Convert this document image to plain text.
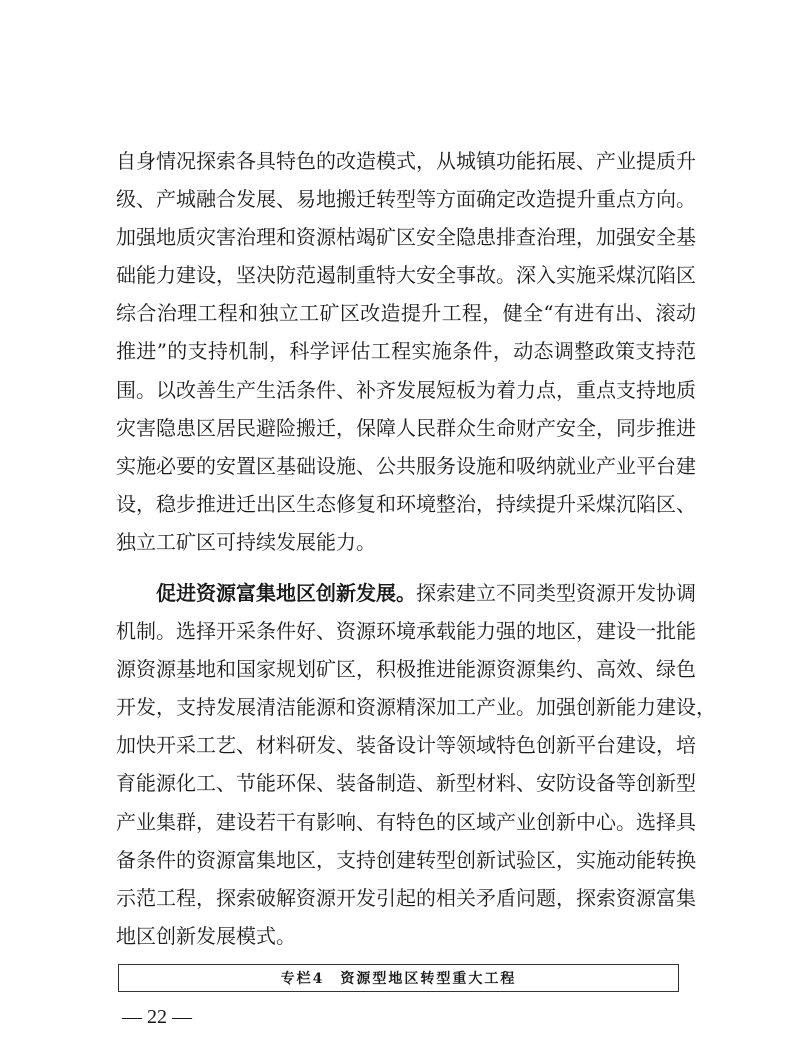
自身情况探索各具特色的改造模式，从城镇功能拓展、产业提质升
级、产城融合发展、易地搬迁转型等方面确定改造提升重点方向。
加强地质灾害治理和资源枯竭矿区安全隐患排查治理，加强安全基
础能力建设，坚决防范遏制重特大安全事故。深入实施采煤沉陷区
综合治理工程和独立工矿区改造提升工程，健全“有进有出、滚动
推进”的支持机制，科学评估工程实施条件，动态调整政策支持范
围。以改善生产生活条件、补齐发展短板为着力点，重点支持地质
灾害隐患区居民避险搬迁，保障人民群众生命财产安全，同步推进
实施必要的安置区基础设施、公共服务设施和吸纳就业产业平台建
设，稳步推进迁出区生态修复和环境整治，持续提升采煤沉陷区、
独立工矿区可持续发展能力。
促进资源富集地区创新发展。探索建立不同类型资源开发协调
机制。选择开采条件好、资源环境承载能力强的地区，建设一批能
源资源基地和国家规划矿区，积极推进能源资源集约、高效、绿色
开发，支持发展清洁能源和资源精深加工产业。加强创新能力建设，
加快开采工艺、材料研发、装备设计等领域特色创新平台建设，培
育能源化工、节能环保、装备制造、新型材料、安防设备等创新型
产业集群，建设若干有影响、有特色的区域产业创新中心。选择具
备条件的资源富集地区，支持创建转型创新试验区，实施动能转换
示范工程，探索破解资源开发引起的相关矛盾问题，探索资源富集
地区创新发展模式。
专栏4　资源型地区转型重大工程
— 22 —
